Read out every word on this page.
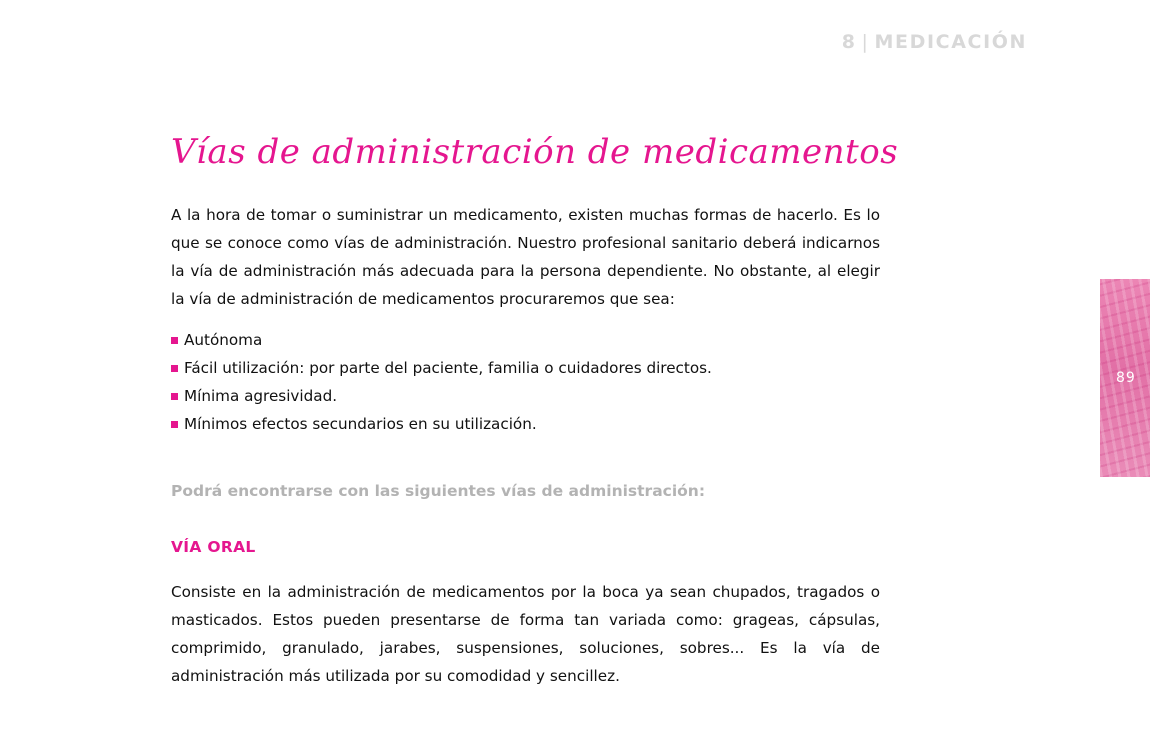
8 | MEDICACIÓN
Vías de administración de medicamentos

A la hora de tomar o suministrar un medicamento, existen muchas formas de hacerlo. Es lo que se conoce como vías de administración. Nuestro profesional sanitario deberá indicarnos la vía de administración más adecuada para la persona dependiente. No obstante, al elegir la vía de administración de medicamentos procuraremos que sea:

Autónoma
Fácil utilización: por parte del paciente, familia o cuidadores directos.
Mínima agresividad.
Mínimos efectos secundarios en su utilización.
Podrá encontrarse con las siguientes vías de administración:
VÍA ORAL

Consiste en la administración de medicamentos por la boca ya sean chupados, tragados o masticados. Estos pueden presentarse de forma tan variada como: grageas, cápsulas, comprimido, granulado, jarabes, suspensiones, soluciones, sobres... Es la vía de administración más utilizada por su comodidad y sencillez.

89
